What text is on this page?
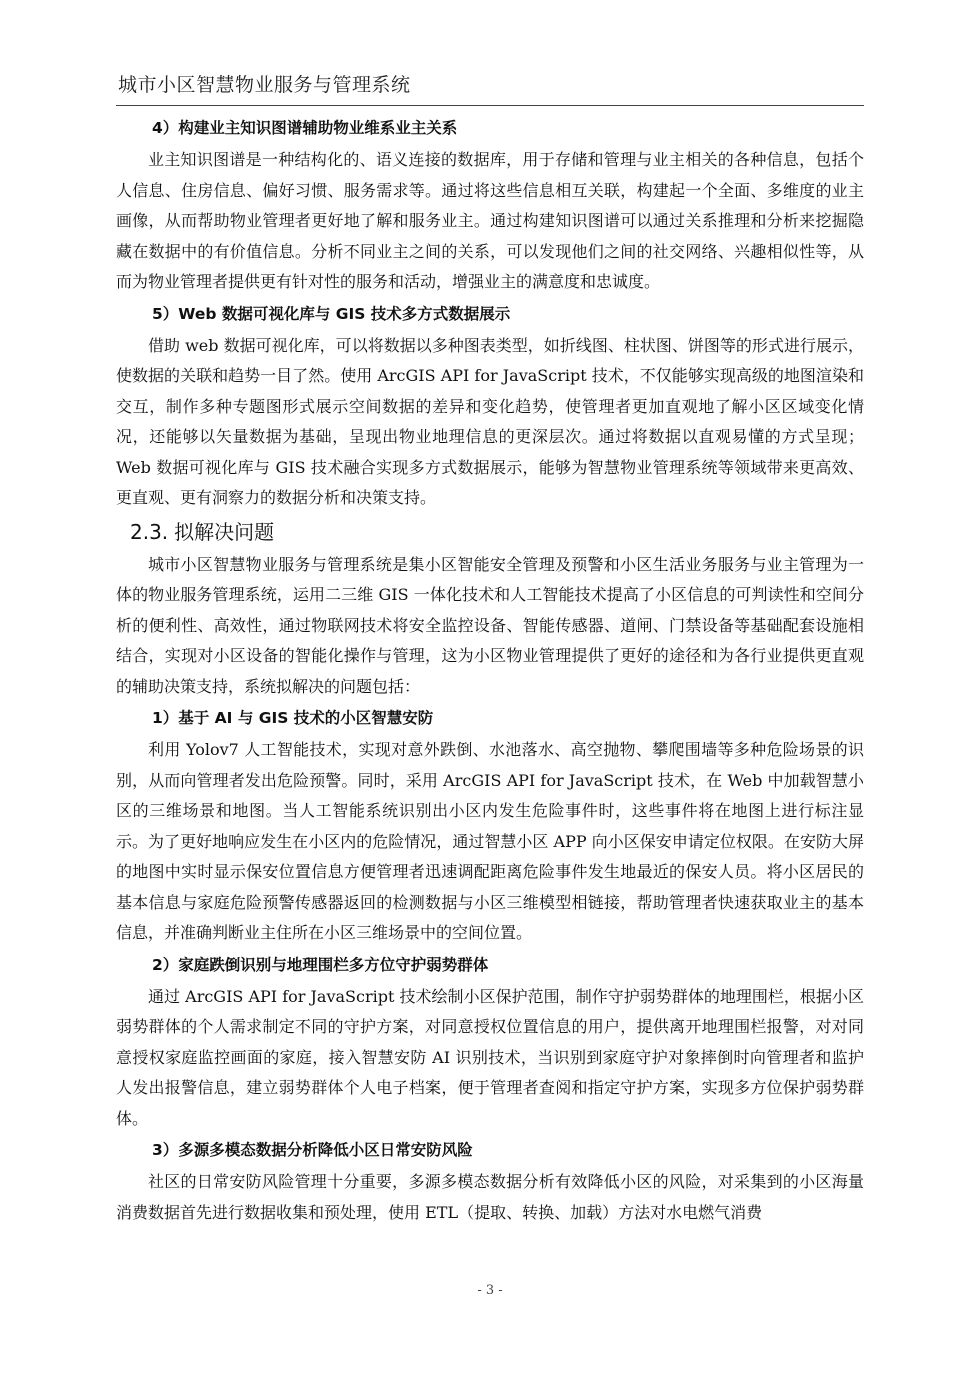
城市小区智慧物业服务与管理系统

4）构建业主知识图谱辅助物业维系业主关系

业主知识图谱是一种结构化的、语义连接的数据库，用于存储和管理与业主相关的各种信息，包括个人信息、住房信息、偏好习惯、服务需求等。通过将这些信息相互关联，构建起一个全面、多维度的业主画像，从而帮助物业管理者更好地了解和服务业主。通过构建知识图谱可以通过关系推理和分析来挖掘隐藏在数据中的有价值信息。分析不同业主之间的关系，可以发现他们之间的社交网络、兴趣相似性等，从而为物业管理者提供更有针对性的服务和活动，增强业主的满意度和忠诚度。

5）Web 数据可视化库与 GIS 技术多方式数据展示

借助 web 数据可视化库，可以将数据以多种图表类型，如折线图、柱状图、饼图等的形式进行展示，使数据的关联和趋势一目了然。使用 ArcGIS API for JavaScript 技术，不仅能够实现高级的地图渲染和交互，制作多种专题图形式展示空间数据的差异和变化趋势，使管理者更加直观地了解小区区域变化情况，还能够以矢量数据为基础，呈现出物业地理信息的更深层次。通过将数据以直观易懂的方式呈现；Web 数据可视化库与 GIS 技术融合实现多方式数据展示，能够为智慧物业管理系统等领域带来更高效、更直观、更有洞察力的数据分析和决策支持。

2.3. 拟解决问题

城市小区智慧物业服务与管理系统是集小区智能安全管理及预警和小区生活业务服务与业主管理为一体的物业服务管理系统，运用二三维 GIS 一体化技术和人工智能技术提高了小区信息的可判读性和空间分析的便利性、高效性，通过物联网技术将安全监控设备、智能传感器、道闸、门禁设备等基础配套设施相结合，实现对小区设备的智能化操作与管理，这为小区物业管理提供了更好的途径和为各行业提供更直观的辅助决策支持，系统拟解决的问题包括：

1）基于 AI 与 GIS 技术的小区智慧安防

利用 Yolov7 人工智能技术，实现对意外跌倒、水池落水、高空抛物、攀爬围墙等多种危险场景的识别，从而向管理者发出危险预警。同时，采用 ArcGIS API for JavaScript 技术，在 Web 中加载智慧小区的三维场景和地图。当人工智能系统识别出小区内发生危险事件时，这些事件将在地图上进行标注显示。为了更好地响应发生在小区内的危险情况，通过智慧小区 APP 向小区保安申请定位权限。在安防大屏的地图中实时显示保安位置信息方便管理者迅速调配距离危险事件发生地最近的保安人员。将小区居民的基本信息与家庭危险预警传感器返回的检测数据与小区三维模型相链接，帮助管理者快速获取业主的基本信息，并准确判断业主住所在小区三维场景中的空间位置。

2）家庭跌倒识别与地理围栏多方位守护弱势群体

通过 ArcGIS API for JavaScript 技术绘制小区保护范围，制作守护弱势群体的地理围栏，根据小区弱势群体的个人需求制定不同的守护方案，对同意授权位置信息的用户，提供离开地理围栏报警，对对同意授权家庭监控画面的家庭，接入智慧安防 AI 识别技术，当识别到家庭守护对象摔倒时向管理者和监护人发出报警信息，建立弱势群体个人电子档案，便于管理者查阅和指定守护方案，实现多方位保护弱势群体。

3）多源多模态数据分析降低小区日常安防风险

社区的日常安防风险管理十分重要，多源多模态数据分析有效降低小区的风险，对采集到的小区海量消费数据首先进行数据收集和预处理，使用 ETL（提取、转换、加载）方法对水电燃气消费

- 3 -
